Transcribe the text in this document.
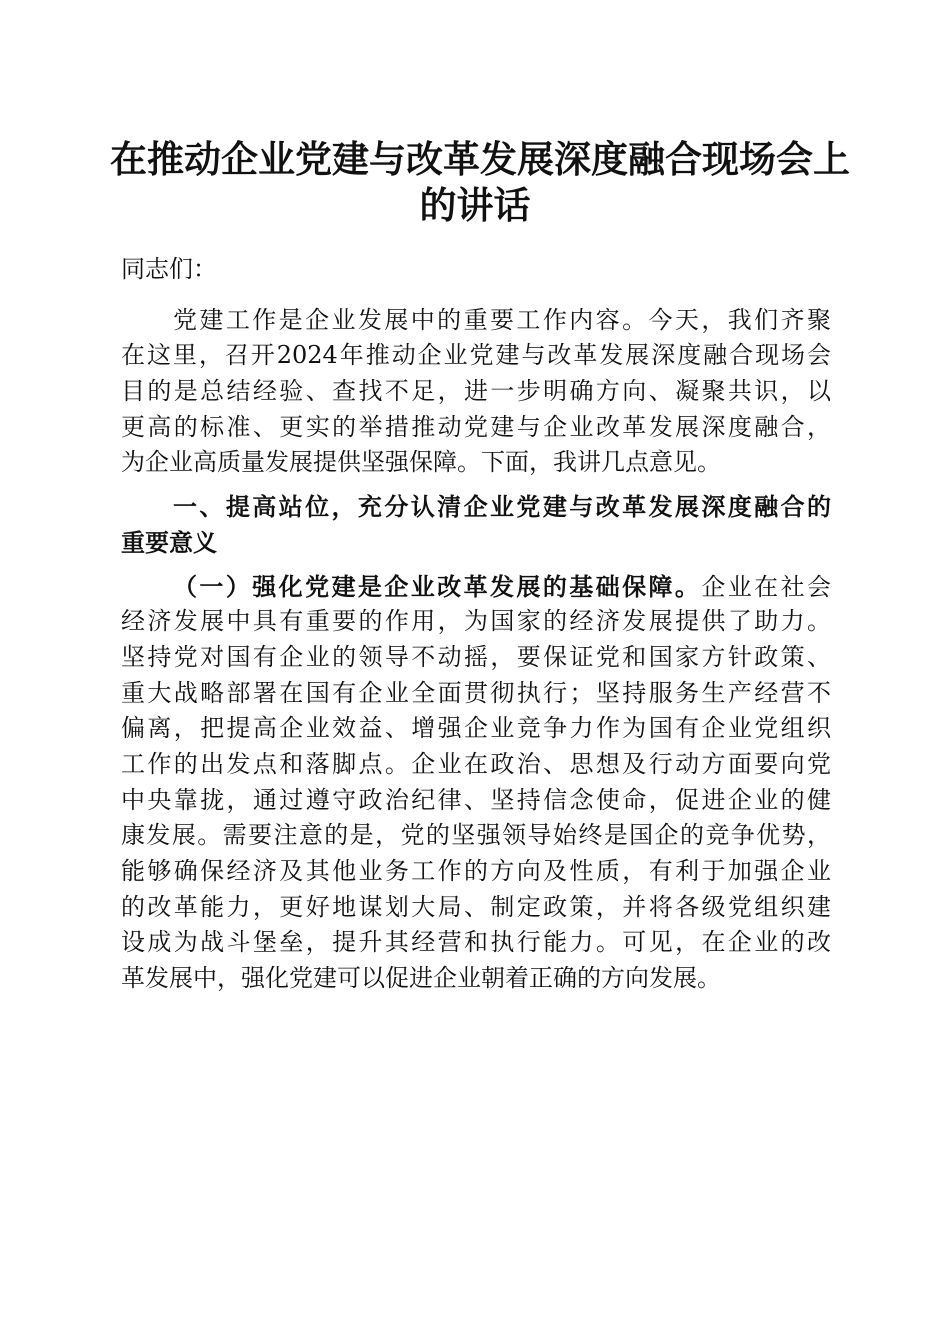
在推动企业党建与改革发展深度融合现场会上
的讲话
同志们：
党建工作是企业发展中的重要工作内容。今天，我们齐聚
在这里，召开2024年推动企业党建与改革发展深度融合现场会
目的是总结经验、查找不足，进一步明确方向、凝聚共识，以
更高的标准、更实的举措推动党建与企业改革发展深度融合，
为企业高质量发展提供坚强保障。下面，我讲几点意见。
一、提高站位，充分认清企业党建与改革发展深度融合的
重要意义
（一）强化党建是企业改革发展的基础保障。企业在社会
经济发展中具有重要的作用，为国家的经济发展提供了助力。
坚持党对国有企业的领导不动摇，要保证党和国家方针政策、
重大战略部署在国有企业全面贯彻执行；坚持服务生产经营不
偏离，把提高企业效益、增强企业竞争力作为国有企业党组织
工作的出发点和落脚点。企业在政治、思想及行动方面要向党
中央靠拢，通过遵守政治纪律、坚持信念使命，促进企业的健
康发展。需要注意的是，党的坚强领导始终是国企的竞争优势，
能够确保经济及其他业务工作的方向及性质，有利于加强企业
的改革能力，更好地谋划大局、制定政策，并将各级党组织建
设成为战斗堡垒，提升其经营和执行能力。可见，在企业的改
革发展中，强化党建可以促进企业朝着正确的方向发展。
